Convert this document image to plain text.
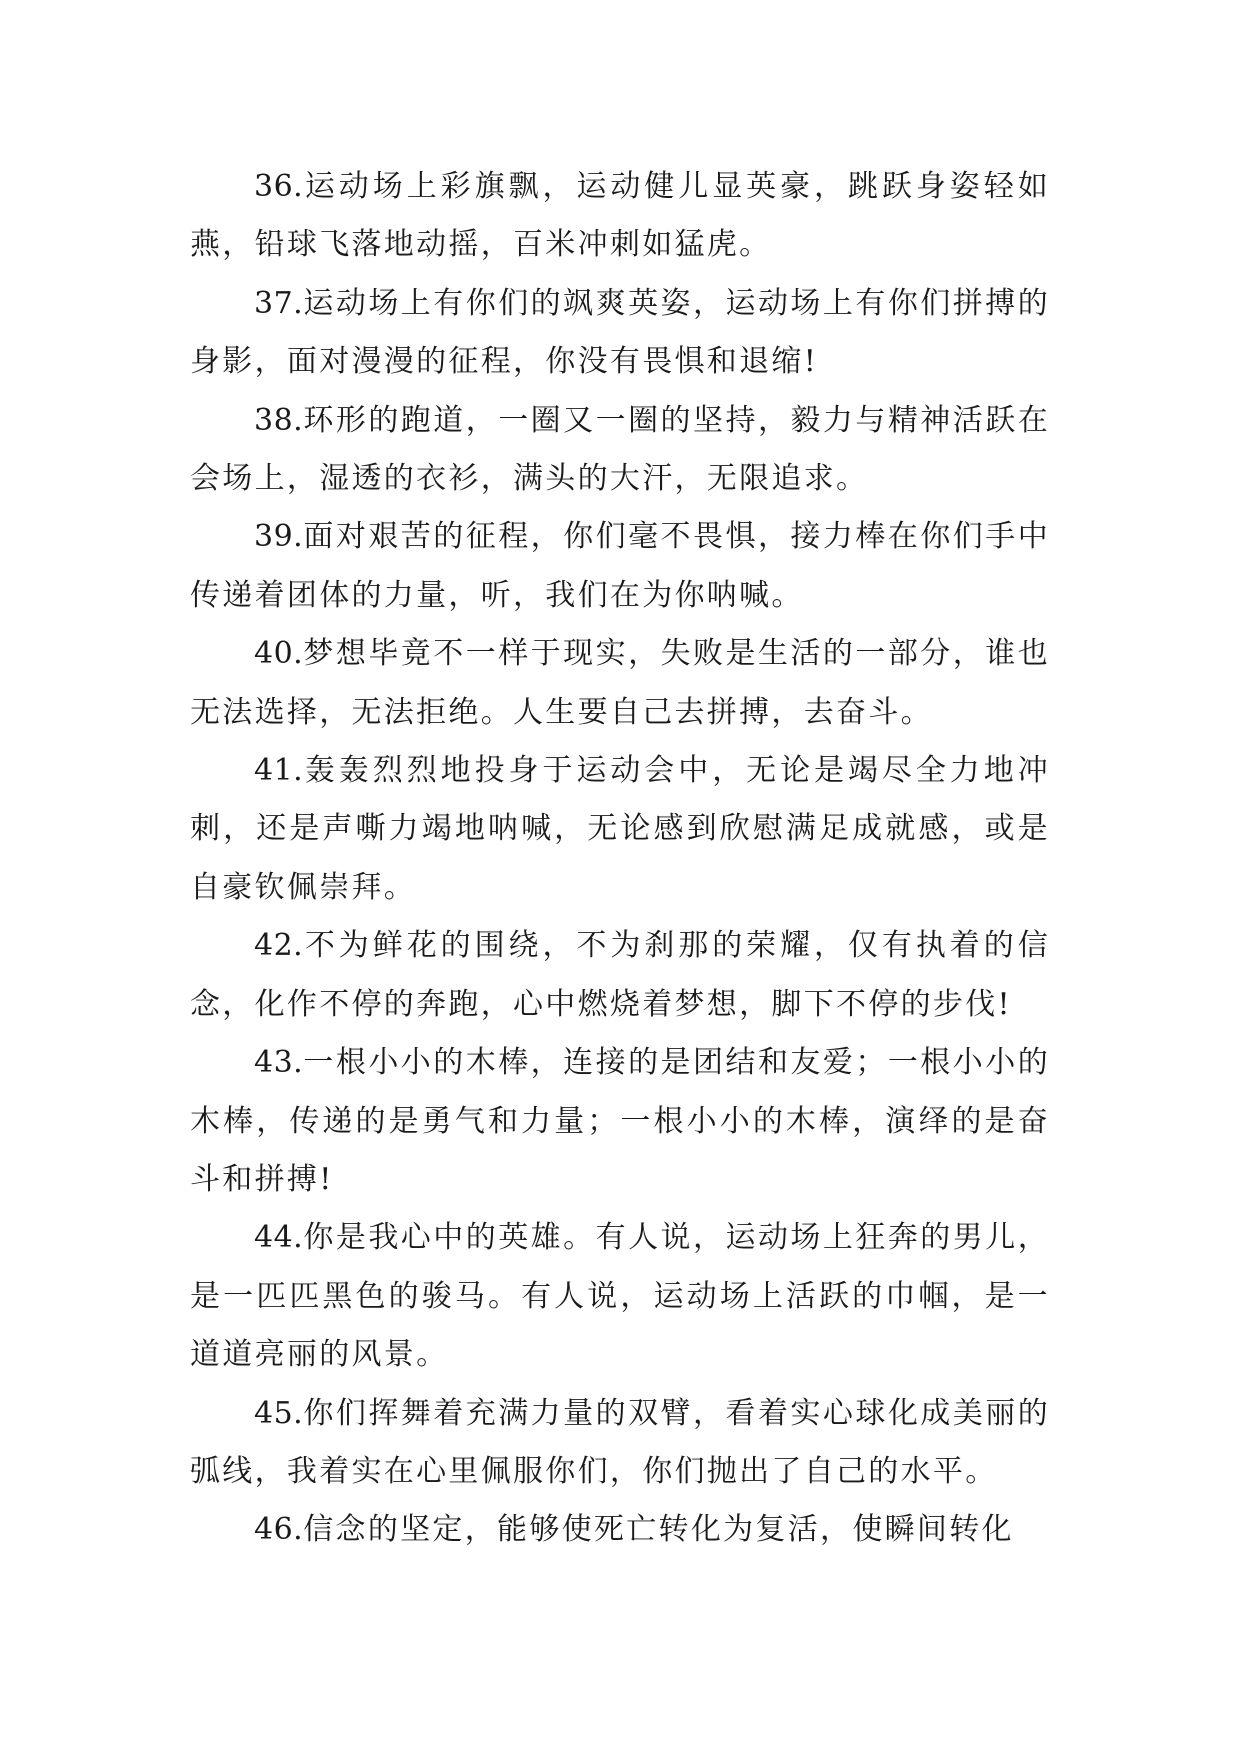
36.运动场上彩旗飘，运动健儿显英豪，跳跃身姿轻如燕，铅球飞落地动摇，百米冲刺如猛虎。

37.运动场上有你们的飒爽英姿，运动场上有你们拼搏的身影，面对漫漫的征程，你没有畏惧和退缩!

38.环形的跑道，一圈又一圈的坚持，毅力与精神活跃在会场上，湿透的衣衫，满头的大汗，无限追求。

39.面对艰苦的征程，你们毫不畏惧，接力棒在你们手中传递着团体的力量，听，我们在为你呐喊。

40.梦想毕竟不一样于现实，失败是生活的一部分，谁也无法选择，无法拒绝。人生要自己去拼搏，去奋斗。

41.轰轰烈烈地投身于运动会中，无论是竭尽全力地冲刺，还是声嘶力竭地呐喊，无论感到欣慰满足成就感，或是自豪钦佩崇拜。

42.不为鲜花的围绕，不为刹那的荣耀，仅有执着的信念，化作不停的奔跑，心中燃烧着梦想，脚下不停的步伐!

43.一根小小的木棒，连接的是团结和友爱；一根小小的木棒，传递的是勇气和力量；一根小小的木棒，演绎的是奋斗和拼搏!

44.你是我心中的英雄。有人说，运动场上狂奔的男儿，是一匹匹黑色的骏马。有人说，运动场上活跃的巾帼，是一道道亮丽的风景。

45.你们挥舞着充满力量的双臂，看着实心球化成美丽的弧线，我着实在心里佩服你们，你们抛出了自己的水平。

46.信念的坚定，能够使死亡转化为复活，使瞬间转化
